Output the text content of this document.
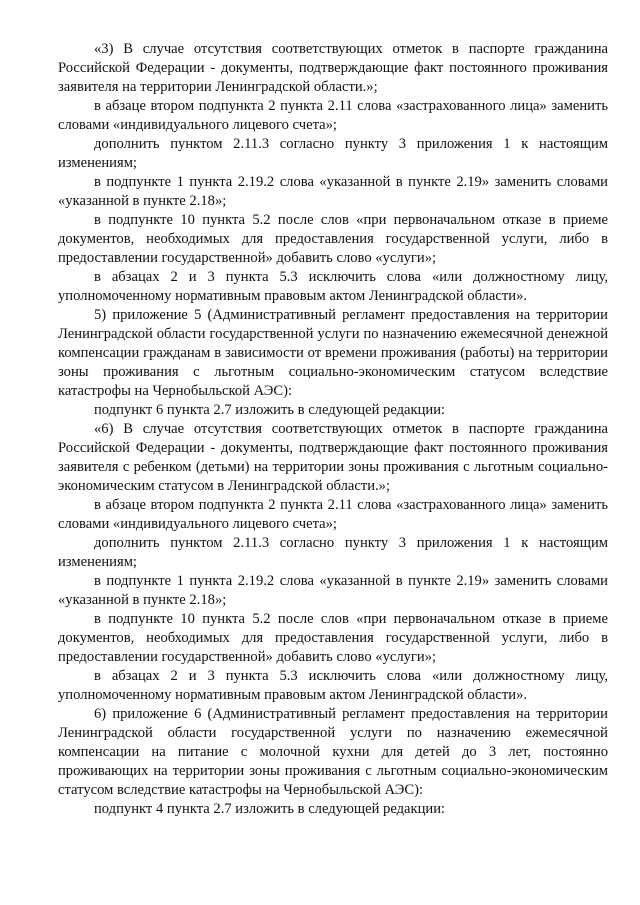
«3) В случае отсутствия соответствующих отметок в паспорте гражданина Российской Федерации - документы, подтверждающие факт постоянного проживания заявителя на территории Ленинградской области.»;

в абзаце втором подпункта 2 пункта 2.11 слова «застрахованного лица» заменить словами «индивидуального лицевого счета»;

дополнить пунктом 2.11.3 согласно пункту 3 приложения 1 к настоящим изменениям;

в подпункте 1 пункта 2.19.2 слова «указанной в пункте 2.19» заменить словами «указанной в пункте 2.18»;

в подпункте 10 пункта 5.2 после слов «при первоначальном отказе в приеме документов, необходимых для предоставления государственной услуги, либо в предоставлении государственной» добавить слово «услуги»;

в абзацах 2 и 3 пункта 5.3 исключить слова «или должностному лицу, уполномоченному нормативным правовым актом Ленинградской области».

5) приложение 5 (Административный регламент предоставления на территории Ленинградской области государственной услуги по назначению ежемесячной денежной компенсации гражданам в зависимости от времени проживания (работы) на территории зоны проживания с льготным социально-экономическим статусом вследствие катастрофы на Чернобыльской АЭС):

подпункт 6 пункта 2.7 изложить в следующей редакции:

«6) В случае отсутствия соответствующих отметок в паспорте гражданина Российской Федерации - документы, подтверждающие факт постоянного проживания заявителя с ребенком (детьми) на территории зоны проживания с льготным социально-экономическим статусом в Ленинградской области.»;

в абзаце втором подпункта 2 пункта 2.11 слова «застрахованного лица» заменить словами «индивидуального лицевого счета»;

дополнить пунктом 2.11.3 согласно пункту 3 приложения 1 к настоящим изменениям;

в подпункте 1 пункта 2.19.2 слова «указанной в пункте 2.19» заменить словами «указанной в пункте 2.18»;

в подпункте 10 пункта 5.2 после слов «при первоначальном отказе в приеме документов, необходимых для предоставления государственной услуги, либо в предоставлении государственной» добавить слово «услуги»;

в абзацах 2 и 3 пункта 5.3 исключить слова «или должностному лицу, уполномоченному нормативным правовым актом Ленинградской области».

6) приложение 6 (Административный регламент предоставления на территории Ленинградской области государственной услуги по назначению ежемесячной компенсации на питание с молочной кухни для детей до 3 лет, постоянно проживающих на территории зоны проживания с льготным социально-экономическим статусом вследствие катастрофы на Чернобыльской АЭС):

подпункт 4 пункта 2.7 изложить в следующей редакции:
